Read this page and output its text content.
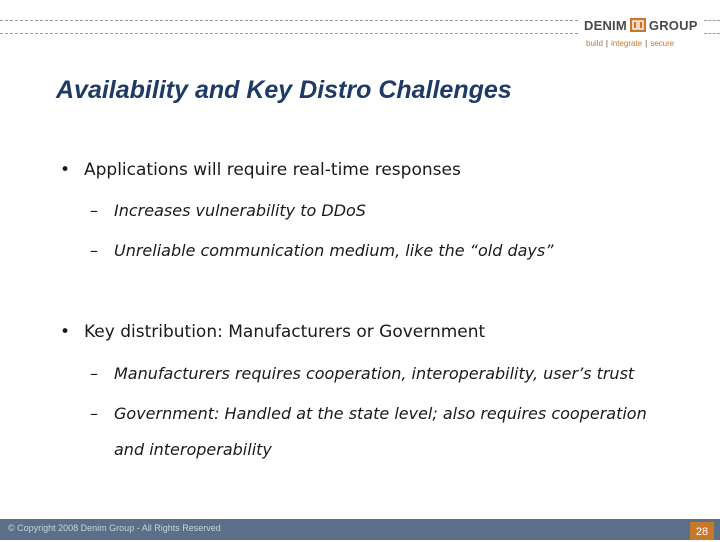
DENIM GROUP
build | integrate | secure
Availability and Key Distro Challenges
• Applications will require real-time responses
–	Increases vulnerability to DDoS
–	Unreliable communication medium, like the “old days”
• Key distribution: Manufacturers or Government
–	Manufacturers requires cooperation, interoperability, user’s trust
–	Government: Handled at the state level; also requires cooperation
and interoperability
© Copyright 2008 Denim Group - All Rights Reserved	28
